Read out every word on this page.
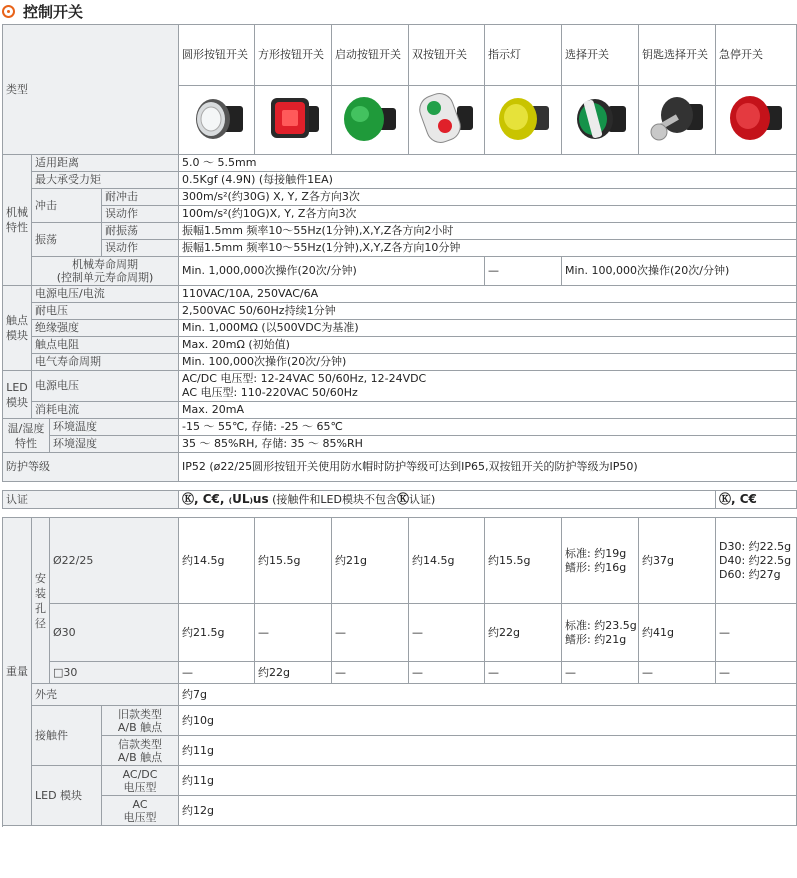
控制开关
类型				圆形按钮开关	方形按钮开关	启动按钮开关	双按钮开关	指示灯	选择开关	钥匙选择开关	急停开关

机械特性	适用距离			5.0 ～ 5.5mm							
	最大承受力矩			0.5Kgf (4.9N) (每接触件1EA)							
	冲击		耐冲击	300m/s²(约30G) X, Y, Z各方向3次							
			误动作	100m/s²(约10G)X, Y, Z各方向3次							
	振荡		耐振荡	振幅1.5mm 频率10～55Hz(1分钟),X,Y,Z各方向2小时							
			误动作	振幅1.5mm 频率10～55Hz(1分钟),X,Y,Z各方向10分钟							
	机械寿命周期
(控制单元寿命周期)			Min. 1,000,000次操作(20次/分钟)				—	Min. 100,000次操作(20次/分钟)		

触点模块	电源电压/电流			110VAC/10A, 250VAC/6A							
	耐电压			2,500VAC 50/60Hz持续1分钟							
	绝缘强度			Min. 1,000MΩ (以500VDC为基准)							
	触点电阻			Max. 20mΩ (初始值)							
	电气寿命周期			Min. 100,000次操作(20次/分钟)							
LED模块	电源电压			AC/DC 电压型: 12-24VAC 50/60Hz, 12-24VDC
AC 电压型: 110-220VAC 50/60Hz							
	消耗电流			Max. 20mA							
温/湿度特性		环境温度		-15 ～ 55℃, 存储: -25 ～ 65℃							
		环境湿度		35 ～ 85%RH, 存储: 35 ～ 85%RH							
防护等级				IP52 (ø22/25圆形按钮开关使用防水帽时防护等级可达到IP65,双按钮开关的防护等级为IP50)							

认证				Ⓚ, C€, ₍UL₎us (接触件和LED模块不包含Ⓚ认证)							Ⓚ, C€

重量	安装孔径	Ø22/25		约14.5g	约15.5g	约21g	约14.5g	约15.5g	标准: 约19g
鳍形: 约16g	约37g	D30: 约22.5g
D40: 约22.5g
D60: 约27g
		Ø30		约21.5g	—	—	—	约22g	标准: 约23.5g
鳍形: 约21g	约41g	—
		□30		—	约22g	—	—	—	—	—	—
	外壳			约7g							
	接触件		旧款类型
A/B 触点	约10g							
			信款类型
A/B 触点	约11g							
	LED 模块		AC/DC
电压型	约11g							
			AC
电压型	约12g							
